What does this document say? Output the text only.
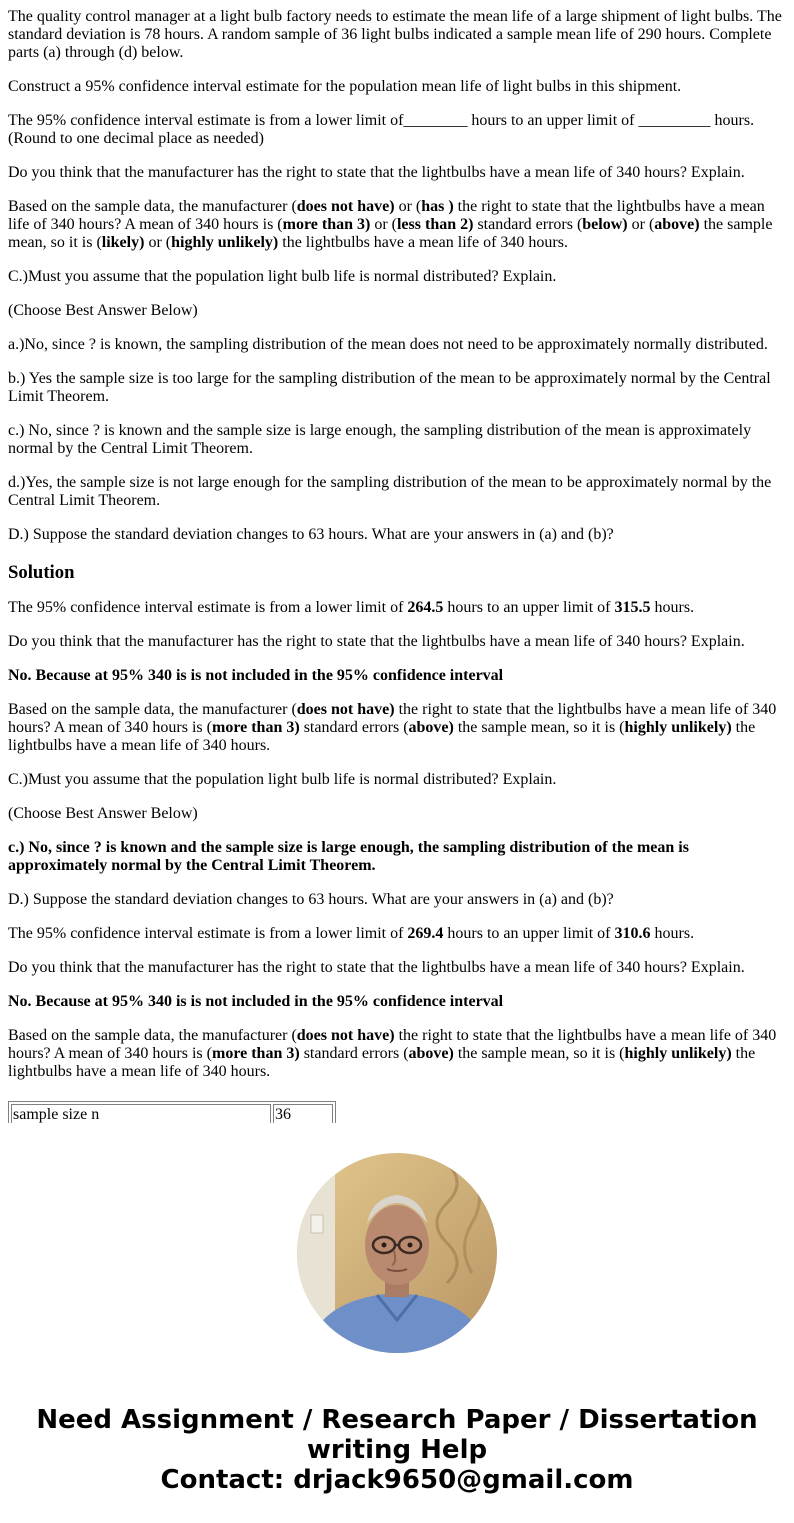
The quality control manager at a light bulb factory needs to estimate the mean life of a large shipment of light bulbs. The standard deviation is 78 hours. A random sample of 36 light bulbs indicated a sample mean life of 290 hours. Complete parts (a) through (d) below.

Construct a 95% confidence interval estimate for the population mean life of light bulbs in this shipment.

The 95% confidence interval estimate is from a lower limit of________ hours to an upper limit of _________ hours. (Round to one decimal place as needed)

Do you think that the manufacturer has the right to state that the lightbulbs have a mean life of 340 hours? Explain.

Based on the sample data, the manufacturer (does not have) or (has ) the right to state that the lightbulbs have a mean life of 340 hours? A mean of 340 hours is (more than 3) or (less than 2) standard errors (below) or (above) the sample mean, so it is (likely) or (highly unlikely) the lightbulbs have a mean life of 340 hours.

C.)Must you assume that the population light bulb life is normal distributed? Explain.

(Choose Best Answer Below)

a.)No, since ? is known, the sampling distribution of the mean does not need to be approximately normally distributed.

b.) Yes the sample size is too large for the sampling distribution of the mean to be approximately normal by the Central Limit Theorem.

c.) No, since ? is known and the sample size is large enough, the sampling distribution of the mean is approximately normal by the Central Limit Theorem.

d.)Yes, the sample size is not large enough for the sampling distribution of the mean to be approximately normal by the Central Limit Theorem.

D.) Suppose the standard deviation changes to 63 hours. What are your answers in (a) and (b)?

Solution

The 95% confidence interval estimate is from a lower limit of 264.5 hours to an upper limit of 315.5 hours.

Do you think that the manufacturer has the right to state that the lightbulbs have a mean life of 340 hours? Explain.

No. Because at 95% 340 is is not included in the 95% confidence interval

Based on the sample data, the manufacturer (does not have) the right to state that the lightbulbs have a mean life of 340 hours? A mean of 340 hours is (more than 3) standard errors (above) the sample mean, so it is (highly unlikely) the lightbulbs have a mean life of 340 hours.

C.)Must you assume that the population light bulb life is normal distributed? Explain.

(Choose Best Answer Below)

c.) No, since ? is known and the sample size is large enough, the sampling distribution of the mean is approximately normal by the Central Limit Theorem.

D.) Suppose the standard deviation changes to 63 hours. What are your answers in (a) and (b)?

The 95% confidence interval estimate is from a lower limit of 269.4 hours to an upper limit of 310.6 hours.

Do you think that the manufacturer has the right to state that the lightbulbs have a mean life of 340 hours? Explain.

No. Because at 95% 340 is is not included in the 95% confidence interval

Based on the sample data, the manufacturer (does not have) the right to state that the lightbulbs have a mean life of 340 hours? A mean of 340 hours is (more than 3) standard errors (above) the sample mean, so it is (highly unlikely) the lightbulbs have a mean life of 340 hours.

sample size n	36
Need Assignment / Research Paper / Dissertation
writing Help
Contact: drjack9650@gmail.com
